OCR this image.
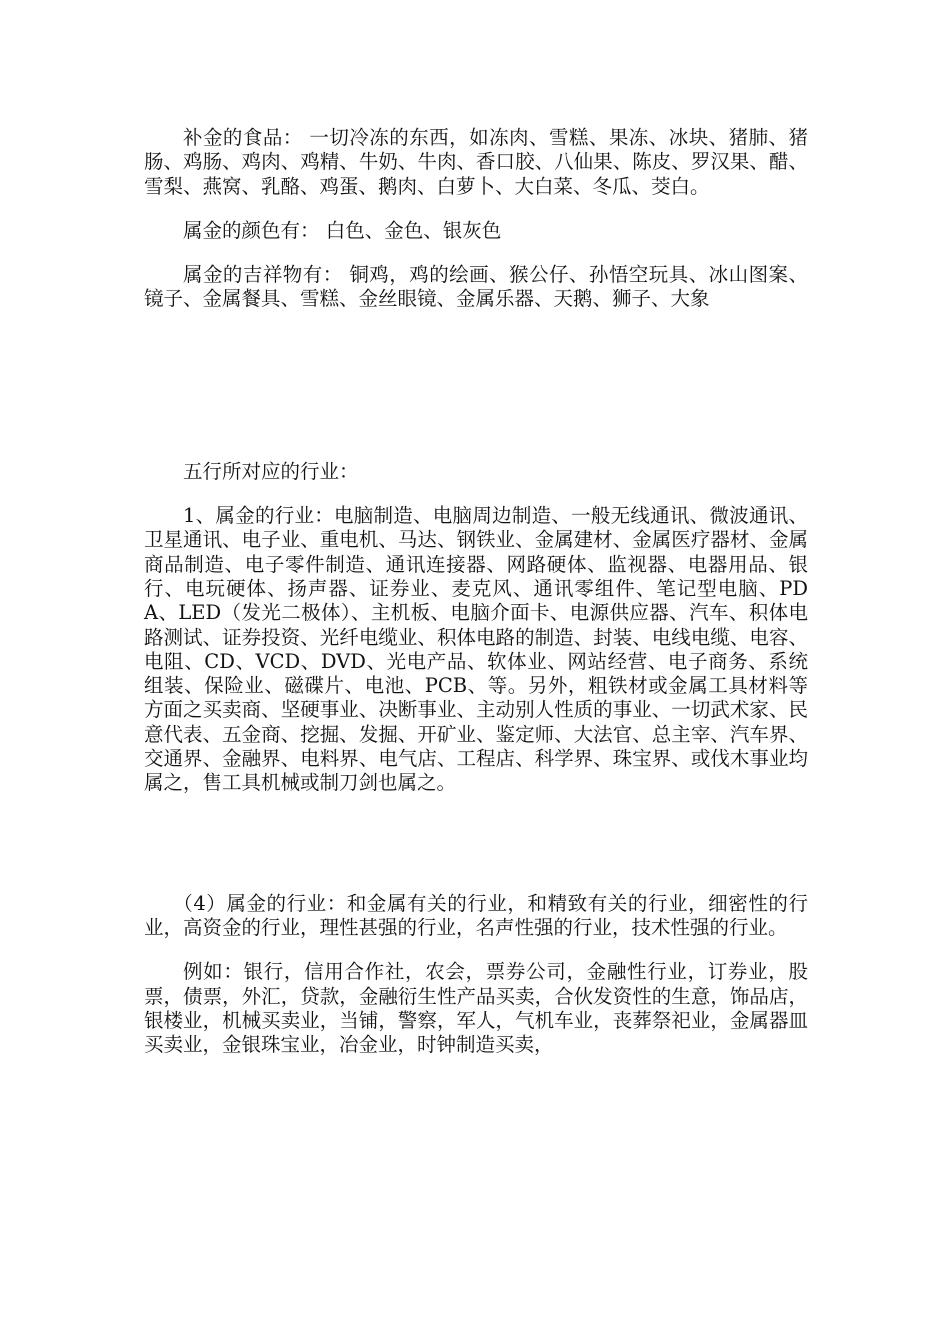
补金的食品： 一切冷冻的东西，如冻肉、雪糕、果冻、冰块、猪肺、猪肠、鸡肠、鸡肉、鸡精、牛奶、牛肉、香口胶、八仙果、陈皮、罗汉果、醋、雪梨、燕窝、乳酪、鸡蛋、鹅肉、白萝卜、大白菜、冬瓜、茭白。

属金的颜色有： 白色、金色、银灰色

属金的吉祥物有： 铜鸡，鸡的绘画、猴公仔、孙悟空玩具、冰山图案、镜子、金属餐具、雪糕、金丝眼镜、金属乐器、天鹅、狮子、大象

五行所对应的行业：

1、属金的行业：电脑制造、电脑周边制造、一般无线通讯、微波通讯、卫星通讯、电子业、重电机、马达、钢铁业、金属建材、金属医疗器材、金属商品制造、电子零件制造、通讯连接器、网路硬体、监视器、电器用品、银行、电玩硬体、扬声器、证券业、麦克风、通讯零组件、笔记型电脑、PDA、LED（发光二极体）、主机板、电脑介面卡、电源供应器、汽车、积体电路测试、证券投资、光纤电缆业、积体电路的制造、封装、电线电缆、电容、电阻、CD、VCD、DVD、光电产品、软体业、网站经营、电子商务、系统组装、保险业、磁碟片、电池、PCB、等。另外，粗铁材或金属工具材料等方面之买卖商、坚硬事业、决断事业、主动别人性质的事业、一切武术家、民意代表、五金商、挖掘、发掘、开矿业、鉴定师、大法官、总主宰、汽车界、交通界、金融界、电料界、电气店、工程店、科学界、珠宝界、或伐木事业均属之，售工具机械或制刀剑也属之。

（4）属金的行业：和金属有关的行业，和精致有关的行业，细密性的行业，高资金的行业，理性甚强的行业，名声性强的行业，技术性强的行业。

例如：银行，信用合作社，农会，票券公司，金融性行业，订券业，股票，债票，外汇，贷款，金融衍生性产品买卖，合伙发资性的生意，饰品店，银楼业，机械买卖业，当铺，警察，军人，气机车业，丧葬祭祀业，金属器皿买卖业，金银珠宝业，冶金业，时钟制造买卖，
